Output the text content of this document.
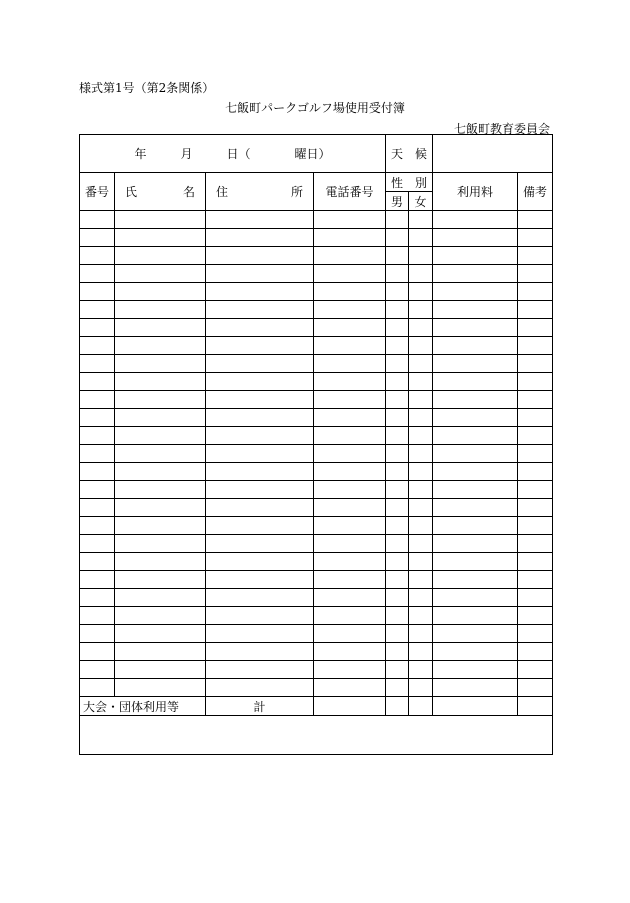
様式第1号（第2条関係）
七飯町パークゴルフ場使用受付簿
七飯町教育委員会
年 月 日（ 曜日）				天　候			
番号	氏 名	住 所	電話番号	性　別		利用料	備考
				男	女		

大会・団体利用等		計					
